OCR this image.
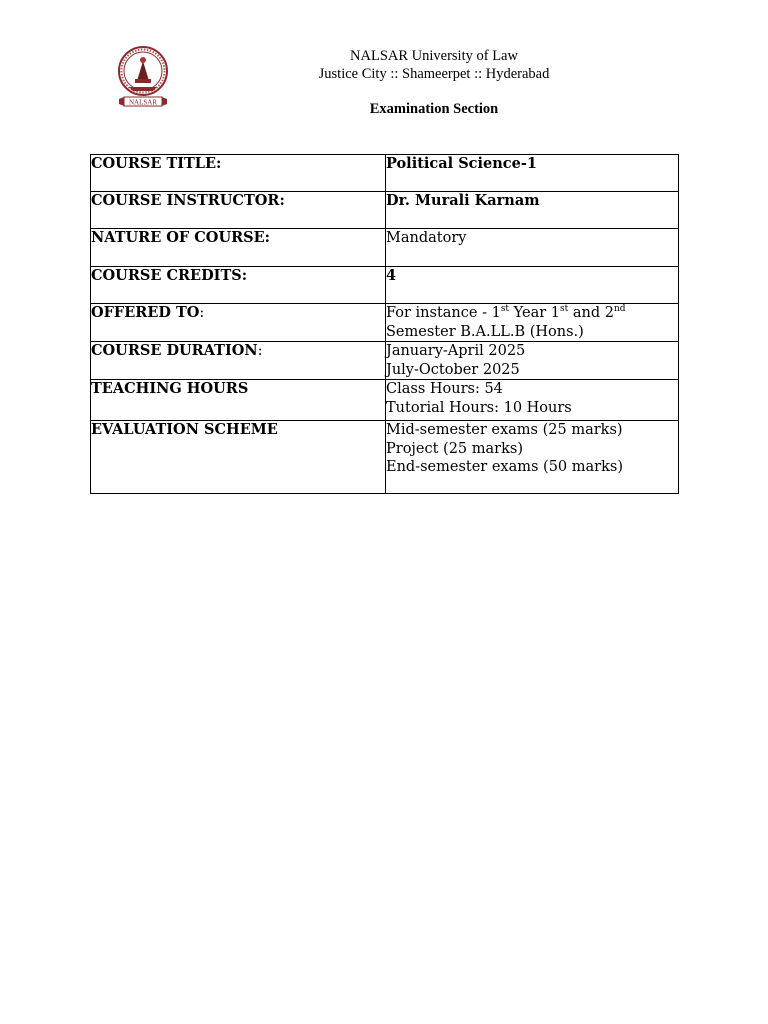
NALSAR
NALSAR University of Law
Justice City :: Shameerpet :: Hyderabad
Examination Section
COURSE TITLE:	Political Science-1
COURSE INSTRUCTOR:	Dr. Murali Karnam
NATURE OF COURSE:	Mandatory
COURSE CREDITS:	4
OFFERED TO:	For instance - 1st Year 1st and 2nd
Semester B.A.LL.B (Hons.)

COURSE DURATION:	January-April 2025
July-October 2025

TEACHING HOURS	Class Hours: 54
Tutorial Hours: 10 Hours

EVALUATION SCHEME	Mid-semester exams (25 marks)
Project (25 marks)
End-semester exams (50 marks)
